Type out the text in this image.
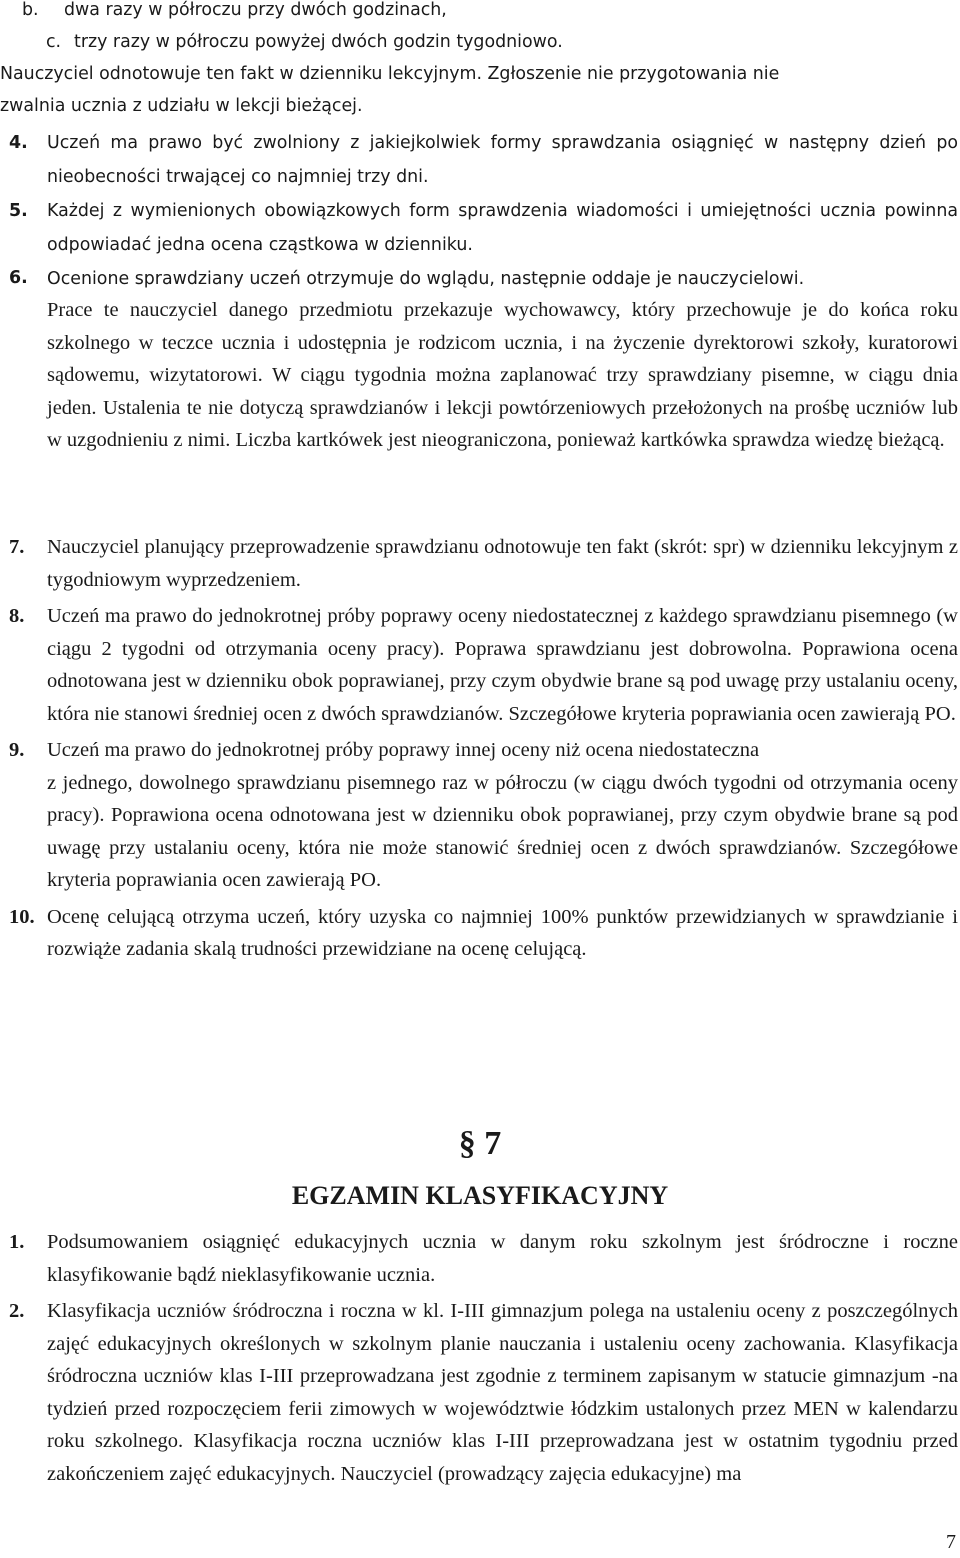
b. dwa razy w półroczu przy dwóch godzinach,
c. trzy razy w półroczu powyżej dwóch godzin tygodniowo.
Nauczyciel odnotowuje ten fakt w dzienniku lekcyjnym. Zgłoszenie nie przygotowania nie
zwalnia ucznia z udziału w lekcji bieżącej.
4. Uczeń ma prawo być zwolniony z jakiejkolwiek formy sprawdzania osiągnięć w następny dzień po nieobecności trwającej co najmniej trzy dni.
5. Każdej z wymienionych obowiązkowych form sprawdzenia wiadomości i umiejętności ucznia powinna odpowiadać jedna ocena cząstkowa w dzienniku.
6. Ocenione sprawdziany uczeń otrzymuje do wglądu, następnie oddaje je nauczycielowi.
Prace te nauczyciel danego przedmiotu przekazuje wychowawcy, który przechowuje je do końca roku szkolnego w teczce ucznia i udostępnia je rodzicom ucznia, i na życzenie dyrektorowi szkoły, kuratorowi sądowemu, wizytatorowi. W ciągu tygodnia można zaplanować trzy sprawdziany pisemne, w ciągu dnia jeden. Ustalenia te nie dotyczą sprawdzianów i lekcji powtórzeniowych przełożonych na prośbę uczniów lub w uzgodnieniu z nimi. Liczba kartkówek jest nieograniczona, ponieważ kartkówka sprawdza wiedzę bieżącą.
7. Nauczyciel planujący przeprowadzenie sprawdzianu odnotowuje ten fakt (skrót: spr) w dzienniku lekcyjnym z tygodniowym wyprzedzeniem.
8. Uczeń ma prawo do jednokrotnej próby poprawy oceny niedostatecznej z każdego sprawdzianu pisemnego (w ciągu 2 tygodni od otrzymania oceny pracy). Poprawa sprawdzianu jest dobrowolna. Poprawiona ocena odnotowana jest w dzienniku obok poprawianej, przy czym obydwie brane są pod uwagę przy ustalaniu oceny, która nie stanowi średniej ocen z dwóch sprawdzianów. Szczegółowe kryteria poprawiania ocen zawierają PO.
9. Uczeń ma prawo do jednokrotnej próby poprawy innej oceny niż ocena niedostateczna
z jednego, dowolnego sprawdzianu pisemnego raz w półroczu (w ciągu dwóch tygodni od otrzymania oceny pracy). Poprawiona ocena odnotowana jest w dzienniku obok poprawianej, przy czym obydwie brane są pod uwagę przy ustalaniu oceny, która nie może stanowić średniej ocen z dwóch sprawdzianów. Szczegółowe kryteria poprawiania ocen zawierają PO.
10. Ocenę celującą otrzyma uczeń, który uzyska co najmniej 100% punktów przewidzianych w sprawdzianie i rozwiąże zadania skalą trudności przewidziane na ocenę celującą.
§ 7
EGZAMIN KLASYFIKACYJNY
1. Podsumowaniem osiągnięć edukacyjnych ucznia w danym roku szkolnym jest śródroczne i roczne klasyfikowanie bądź nieklasyfikowanie ucznia.
2. Klasyfikacja uczniów śródroczna i roczna w kl. I-III gimnazjum polega na ustaleniu oceny z poszczególnych zajęć edukacyjnych określonych w szkolnym planie nauczania i ustaleniu oceny zachowania. Klasyfikacja śródroczna uczniów klas I-III przeprowadzana jest zgodnie z terminem zapisanym w statucie gimnazjum -na tydzień przed rozpoczęciem ferii zimowych w województwie łódzkim ustalonych przez MEN w kalendarzu roku szkolnego. Klasyfikacja roczna uczniów klas I-III przeprowadzana jest w ostatnim tygodniu przed zakończeniem zajęć edukacyjnych. Nauczyciel (prowadzący zajęcia edukacyjne) ma
7
